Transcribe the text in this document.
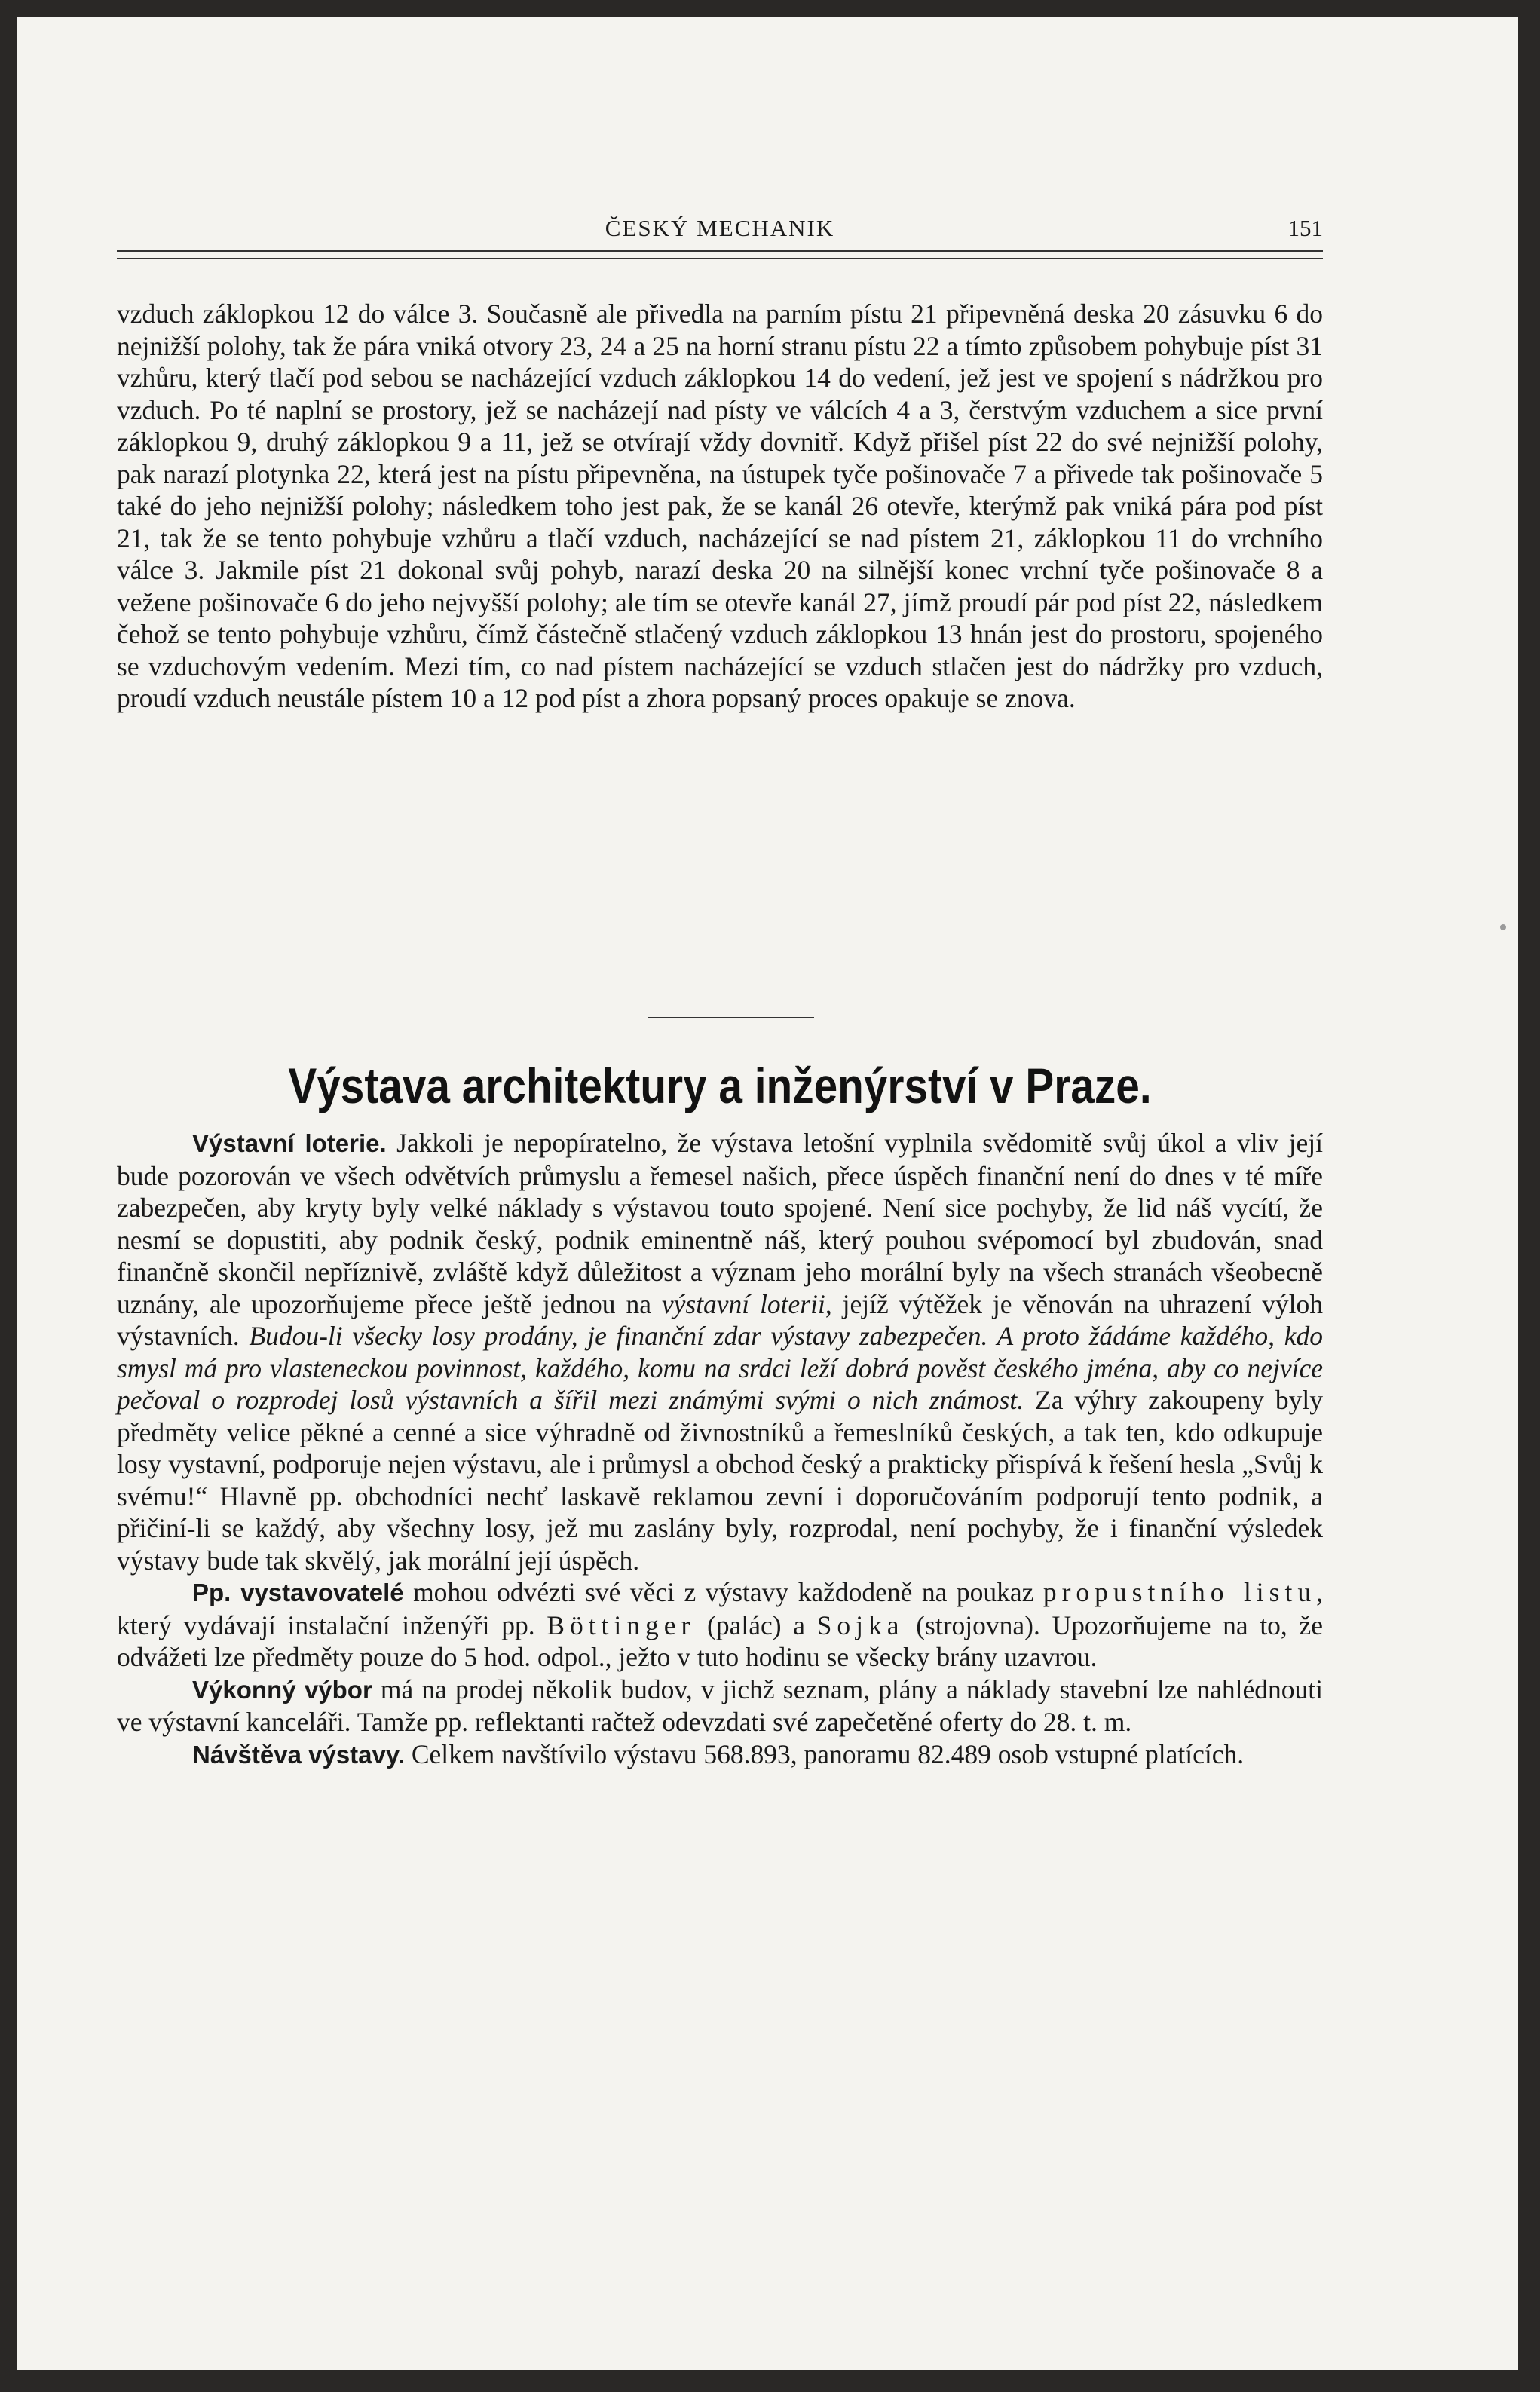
ČESKÝ MECHANIK	151

vzduch záklopkou 12 do válce 3. Současně ale přivedla na parním pístu 21 připevněná deska 20 zásuvku 6 do nejnižší polohy, tak že pára vniká otvory 23, 24 a 25 na horní stranu pístu 22 a tímto způsobem pohybuje píst 31 vzhůru, který tlačí pod sebou se nacházející vzduch záklopkou 14 do vedení, jež jest ve spojení s nádržkou pro vzduch. Po té naplní se prostory, jež se nacházejí nad písty ve válcích 4 a 3, čerstvým vzduchem a sice první záklopkou 9, druhý záklopkou 9 a 11, jež se otvírají vždy dovnitř. Když přišel píst 22 do své nejnižší polohy, pak narazí plotynka 22, která jest na pístu připevněna, na ústupek tyče pošinovače 7 a přivede tak pošinovače 5 také do jeho nejnižší polohy; následkem toho jest pak, že se kanál 26 otevře, kterýmž pak vniká pára pod píst 21, tak že se tento pohybuje vzhůru a tlačí vzduch, nacházející se nad pístem 21, záklopkou 11 do vrchního válce 3. Jakmile píst 21 dokonal svůj pohyb, narazí deska 20 na silnější konec vrchní tyče pošinovače 8 a vežene pošinovače 6 do jeho nejvyšší polohy; ale tím se otevře kanál 27, jímž proudí pár pod píst 22, následkem čehož se tento pohybuje vzhůru, čímž částečně stlačený vzduch záklopkou 13 hnán jest do prostoru, spojeného se vzduchovým vedením. Mezi tím, co nad pístem nacházející se vzduch stlačen jest do nádržky pro vzduch, proudí vzduch neustále pístem 10 a 12 pod píst a zhora popsaný proces opakuje se znova.

Výstava architektury a inženýrství v Praze.

Výstavní loterie. Jakkoli je nepopíratelno, že výstava letošní vyplnila svědomitě svůj úkol a vliv její bude pozorován ve všech odvětvích průmyslu a řemesel našich, přece úspěch finanční není do dnes v té míře zabezpečen, aby kryty byly velké náklady s výstavou touto spojené. Není sice pochyby, že lid náš vycítí, že nesmí se dopustiti, aby podnik český, podnik eminentně náš, který pouhou svépomocí byl zbudován, snad finančně skončil nepříznivě, zvláště když důležitost a význam jeho morální byly na všech stranách všeobecně uznány, ale upozorňujeme přece ještě jednou na výstavní loterii, jejíž výtěžek je věnován na uhrazení výloh výstavních. Budou-li všecky losy prodány, je finanční zdar výstavy zabezpečen. A proto žádáme každého, kdo smysl má pro vlasteneckou povinnost, každého, komu na srdci leží dobrá pověst českého jména, aby co nejvíce pečoval o rozprodej losů výstavních a šířil mezi známými svými o nich známost. Za výhry zakoupeny byly předměty velice pěkné a cenné a sice výhradně od živnostníků a řemeslníků českých, a tak ten, kdo odkupuje losy vystavní, podporuje nejen výstavu, ale i průmysl a obchod český a prakticky přispívá k řešení hesla „Svůj k svému!“ Hlavně pp. obchodníci nechť laskavě reklamou zevní i doporučováním podporují tento podnik, a přičiní-li se každý, aby všechny losy, jež mu zaslány byly, rozprodal, není pochyby, že i finanční výsledek výstavy bude tak skvělý, jak morální její úspěch.

Pp. vystavovatelé mohou odvézti své věci z výstavy každodeně na poukaz propustního listu, který vydávají instalační inženýři pp. Böttinger (palác) a Sojka (strojovna). Upozorňujeme na to, že odvážeti lze předměty pouze do 5 hod. odpol., ježto v tuto hodinu se všecky brány uzavrou.

Výkonný výbor má na prodej několik budov, v jichž seznam, plány a náklady stavební lze nahlédnouti ve výstavní kanceláři. Tamže pp. reflektanti račtež odevzdati své zapečetěné oferty do 28. t. m.

Návštěva výstavy. Celkem navštívilo výstavu 568.893, panoramu 82.489 osob vstupné platících.
